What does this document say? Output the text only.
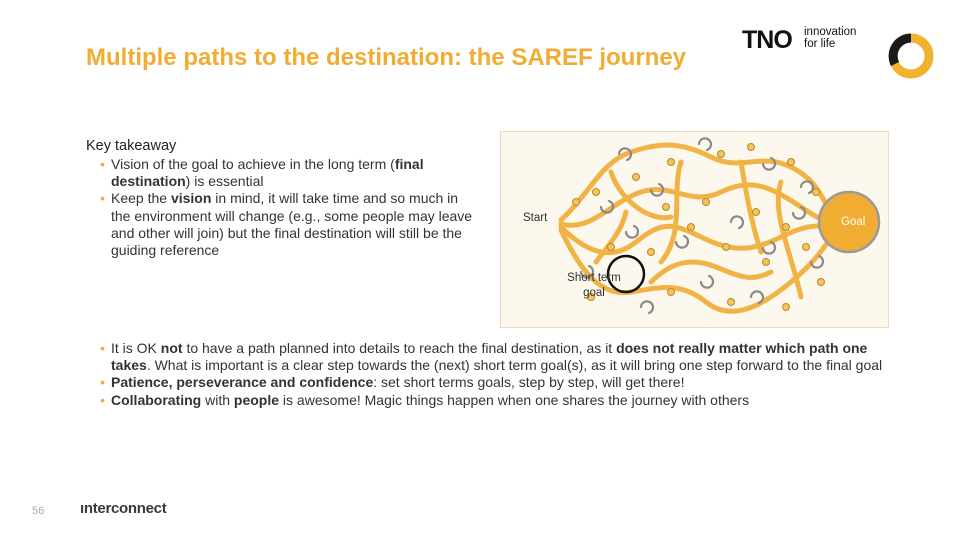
Multiple paths to the destination: the SAREF journey
TNO innovation
for life
Key takeaway
• Vision of the goal to achieve in the long term (final destination) is essential
• Keep the vision in mind, it will take time and so much in the environment will change (e.g., some people may leave and other will join) but the final destination will still be the guiding reference
Start	Goal
Short term goal
• It is OK not to have a path planned into details to reach the final destination, as it does not really matter which path one takes. What is important is a clear step towards the (next) short term goal(s), as it will bring one step forward to the final goal
• Patience, perseverance and confidence: set short terms goals, step by step, will get there!
• Collaborating with people is awesome! Magic things happen when one shares the journey with others
56 ınterconnect
